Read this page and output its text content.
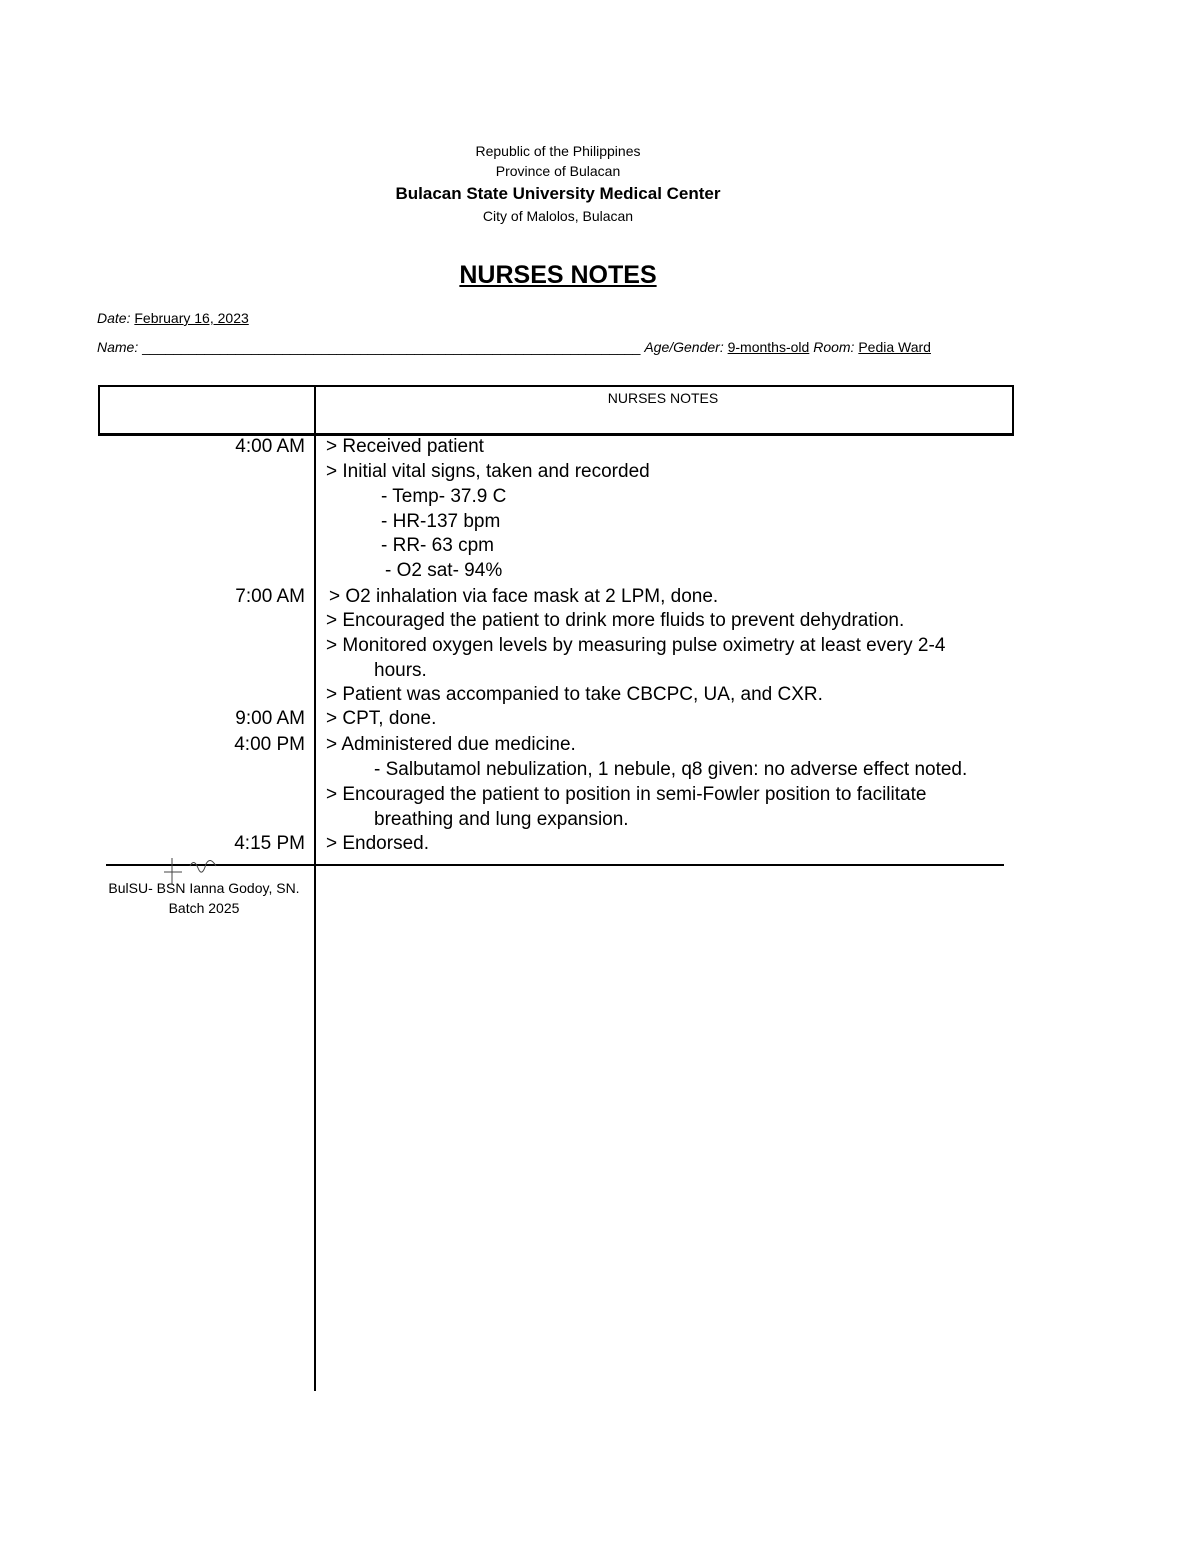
Republic of the Philippines
Province of Bulacan
Bulacan State University Medical Center
City of Malolos, Bulacan
NURSES NOTES
Date: February 16, 2023
Name: ________________________________________________________________ Age/Gender: 9-months-old Room: Pedia Ward
NURSES NOTES
4:00 AM
7:00 AM
9:00 AM
4:00 PM
4:15 PM
> Received patient
> Initial vital signs, taken and recorded
- Temp- 37.9 C
- HR-137 bpm
- RR- 63 cpm
- O2 sat- 94%
> O2 inhalation via face mask at 2 LPM, done.
> Encouraged the patient to drink more fluids to prevent dehydration.
> Monitored oxygen levels by measuring pulse oximetry at least every 2-4
hours.
> Patient was accompanied to take CBCPC, UA, and CXR.
> CPT, done.
> Administered due medicine.
- Salbutamol nebulization, 1 nebule, q8 given: no adverse effect noted.
> Encouraged the patient to position in semi-Fowler position to facilitate
breathing and lung expansion.
> Endorsed.
BulSU- BSN Ianna Godoy, SN.
Batch 2025
